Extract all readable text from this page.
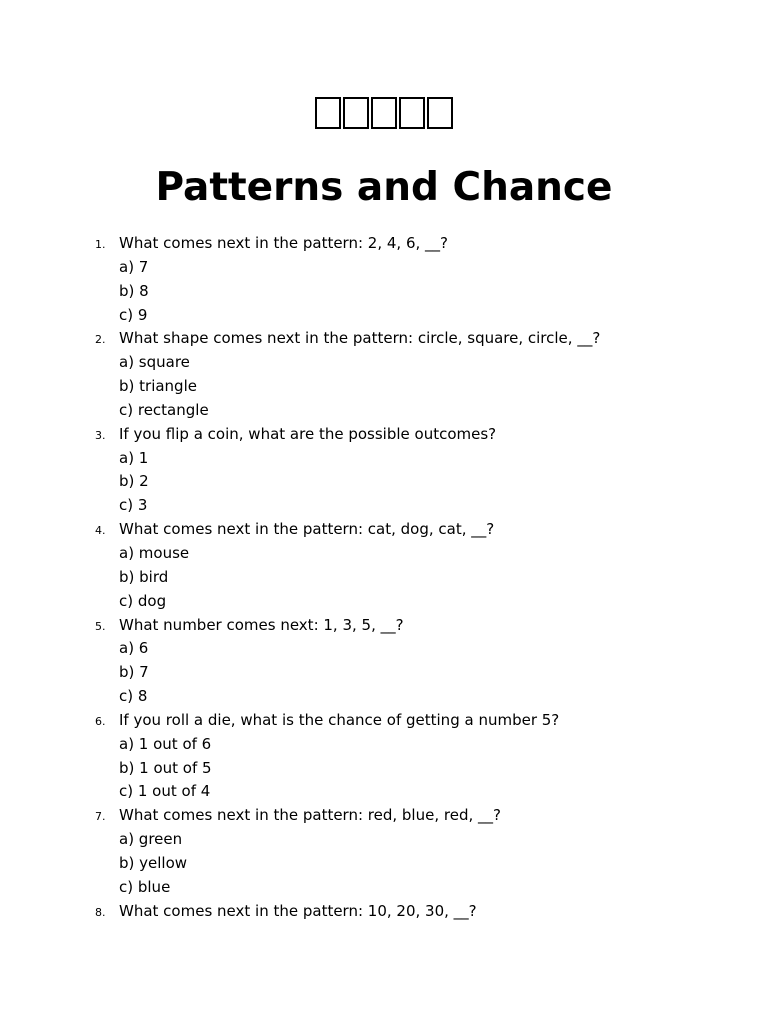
Patterns and Chance
1. What comes next in the pattern: 2, 4, 6, __?
a) 7
b) 8
c) 9
2. What shape comes next in the pattern: circle, square, circle, __?
a) square
b) triangle
c) rectangle
3. If you flip a coin, what are the possible outcomes?
a) 1
b) 2
c) 3
4. What comes next in the pattern: cat, dog, cat, __?
a) mouse
b) bird
c) dog
5. What number comes next: 1, 3, 5, __?
a) 6
b) 7
c) 8
6. If you roll a die, what is the chance of getting a number 5?
a) 1 out of 6
b) 1 out of 5
c) 1 out of 4
7. What comes next in the pattern: red, blue, red, __?
a) green
b) yellow
c) blue
8. What comes next in the pattern: 10, 20, 30, __?
